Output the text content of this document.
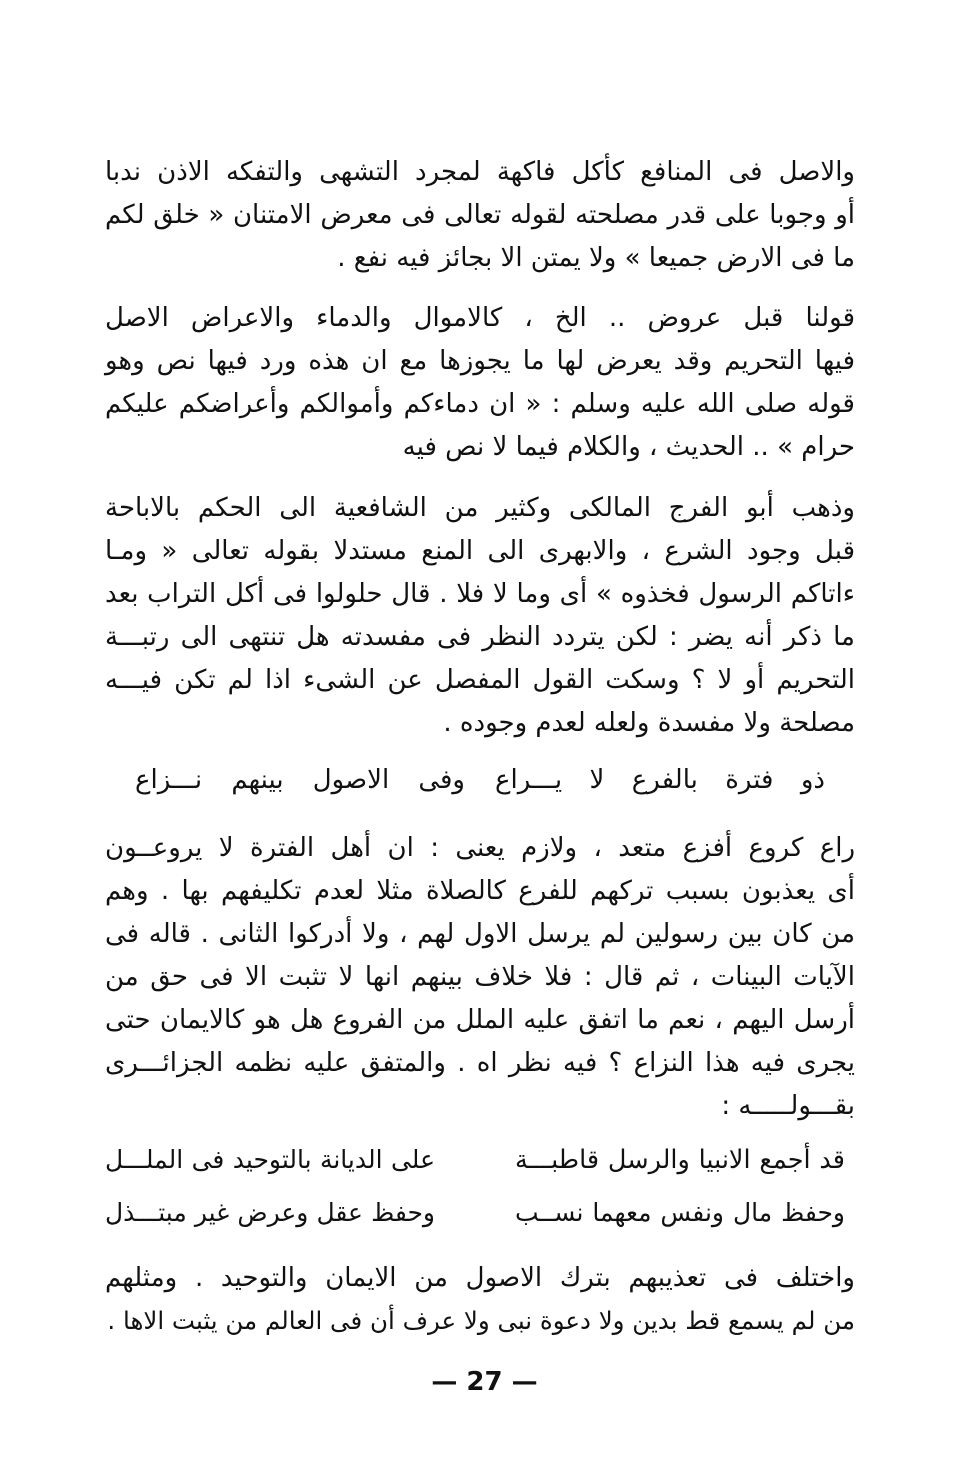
والاصل فى المنافع كأكل فاكهة لمجرد التشهى والتفكه الاذن ندبا
أو وجوبا على قدر مصلحته لقوله تعالى فى معرض الامتنان « خلق لكم
ما فى الارض جميعا » ولا يمتن الا بجائز فيه نفع .
قولنا قبل عروض .. الخ ، كالاموال والدماء والاعراض الاصل
فيها التحريم وقد يعرض لها ما يجوزها مع ان هذه ورد فيها نص وهو
قوله صلى الله عليه وسلم : « ان دماءكم وأموالكم وأعراضكم عليكم
حرام » .. الحديث ، والكلام فيما لا نص فيه
وذهب أبو الفرج المالكى وكثير من الشافعية الى الحكم بالاباحة
قبل وجود الشرع ، والابهرى الى المنع مستدلا بقوله تعالى « ومـا
ءاتاكم الرسول فخذوه » أى وما لا فلا . قال حلولوا فى أكل التراب بعد
ما ذكر أنه يضر : لكن يتردد النظر فى مفسدته هل تنتهى الى رتبـــة
التحريم أو لا ؟ وسكت القول المفصل عن الشىء اذا لم تكن فيـــه
مصلحة ولا مفسدة ولعله لعدم وجوده .
ذو فترة بالفرع لا يـــراع
وفى الاصول بينهم نـــزاع
راع كروع أفزع متعد ، ولازم يعنى : ان أهل الفترة لا يروعــون
أى يعذبون بسبب تركهم للفرع كالصلاة مثلا لعدم تكليفهم بها . وهم
من كان بين رسولين لم يرسل الاول لهم ، ولا أدركوا الثانى . قاله فى
الآيات البينات ، ثم قال : فلا خلاف بينهم انها لا تثبت الا فى حق من
أرسل اليهم ، نعم ما اتفق عليه الملل من الفروع هل هو كالايمان حتى
يجرى فيه هذا النزاع ؟ فيه نظر اه . والمتفق عليه نظمه الجزائـــرى
بقـــولـــــه :
قد أجمع الانبيا والرسل قاطبـــة
على الديانة بالتوحيد فى الملـــل
وحفظ مال ونفس معهما نســب
وحفظ عقل وعرض غير مبتـــذل
واختلف فى تعذيبهم بترك الاصول من الايمان والتوحيد . ومثلهم
من لم يسمع قط بدين ولا دعوة نبى ولا عرف أن فى العالم من يثبت الاها .
— 27 —
